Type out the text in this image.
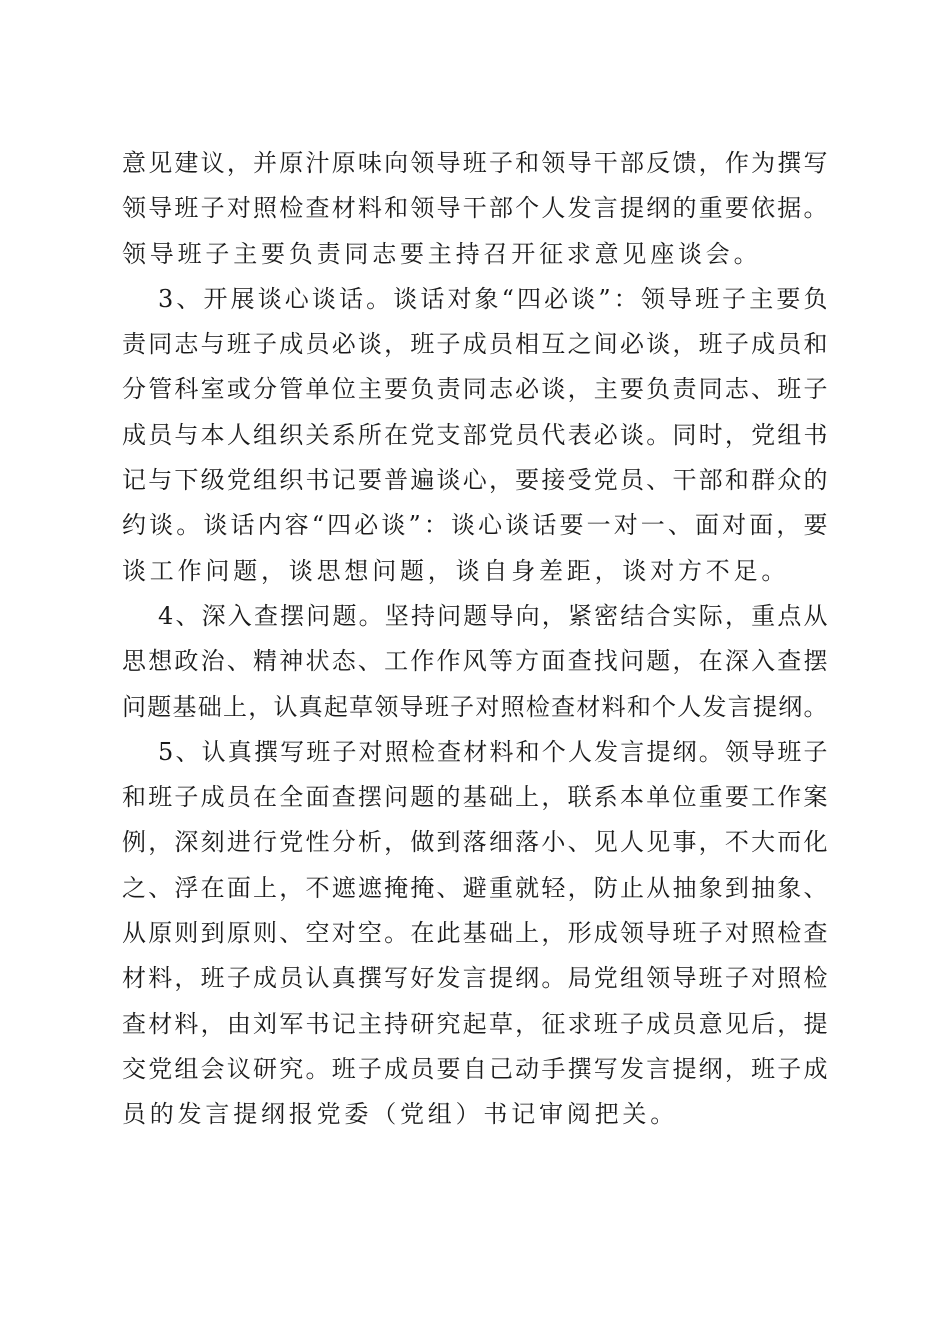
意见建议，并原汁原味向领导班子和领导干部反馈，作为撰写
领导班子对照检查材料和领导干部个人发言提纲的重要依据。
领导班子主要负责同志要主持召开征求意见座谈会。
3、开展谈心谈话。谈话对象“四必谈”：领导班子主要负
责同志与班子成员必谈，班子成员相互之间必谈，班子成员和
分管科室或分管单位主要负责同志必谈，主要负责同志、班子
成员与本人组织关系所在党支部党员代表必谈。同时，党组书
记与下级党组织书记要普遍谈心，要接受党员、干部和群众的
约谈。谈话内容“四必谈”：谈心谈话要一对一、面对面，要
谈工作问题，谈思想问题，谈自身差距，谈对方不足。
4、深入查摆问题。坚持问题导向，紧密结合实际，重点从
思想政治、精神状态、工作作风等方面查找问题，在深入查摆
问题基础上，认真起草领导班子对照检查材料和个人发言提纲。
5、认真撰写班子对照检查材料和个人发言提纲。领导班子
和班子成员在全面查摆问题的基础上，联系本单位重要工作案
例，深刻进行党性分析，做到落细落小、见人见事，不大而化
之、浮在面上，不遮遮掩掩、避重就轻，防止从抽象到抽象、
从原则到原则、空对空。在此基础上，形成领导班子对照检查
材料，班子成员认真撰写好发言提纲。局党组领导班子对照检
查材料，由刘军书记主持研究起草，征求班子成员意见后，提
交党组会议研究。班子成员要自己动手撰写发言提纲，班子成
员的发言提纲报党委（党组）书记审阅把关。
